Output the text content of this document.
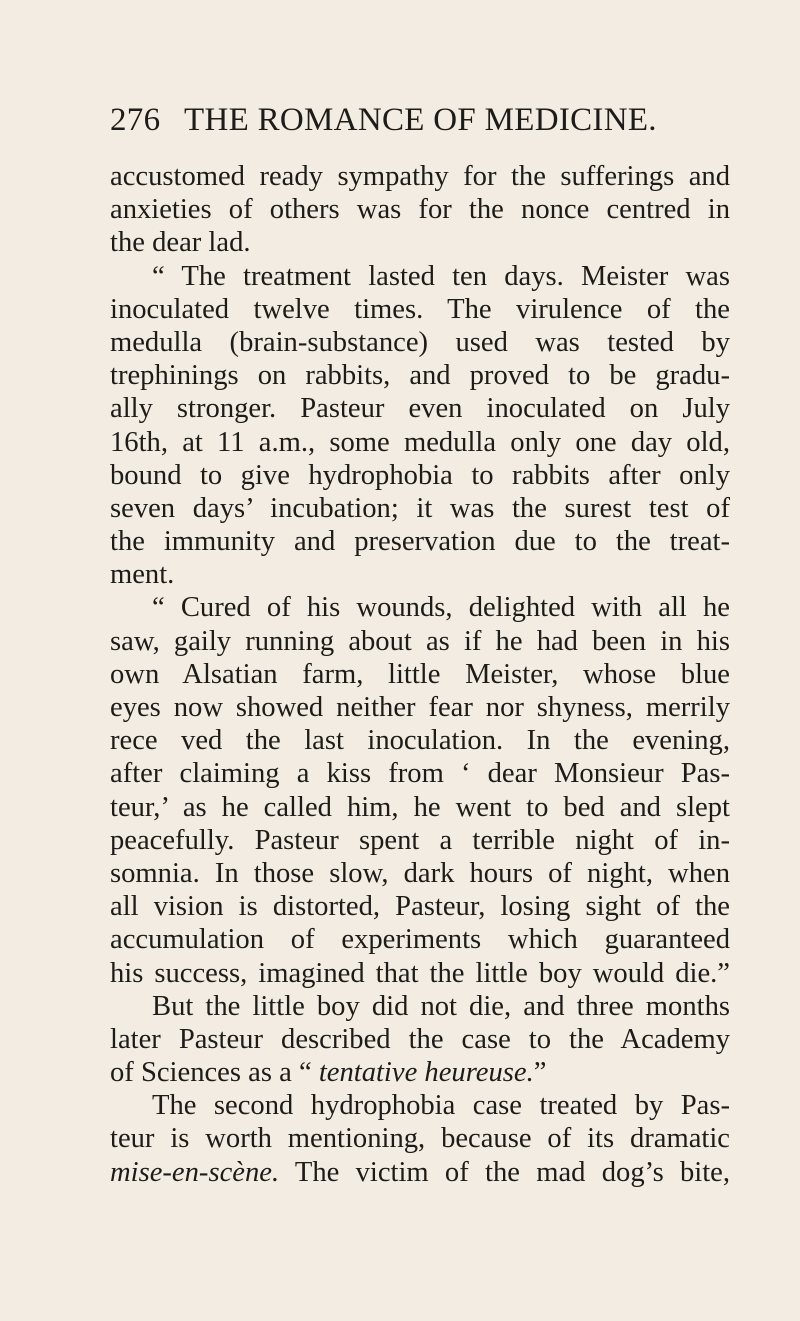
276 THE ROMANCE OF MEDICINE.
accustomed ready sympathy for the sufferings and
anxieties of others was for the nonce centred in
the dear lad.
“ The treatment lasted ten days. Meister was
inoculated twelve times. The virulence of the
medulla (brain-substance) used was tested by
trephinings on rabbits, and proved to be gradu-
ally stronger. Pasteur even inoculated on July
16th, at 11 a.m., some medulla only one day old,
bound to give hydrophobia to rabbits after only
seven days’ incubation; it was the surest test of
the immunity and preservation due to the treat-
ment.
“ Cured of his wounds, delighted with all he
saw, gaily running about as if he had been in his
own Alsatian farm, little Meister, whose blue
eyes now showed neither fear nor shyness, merrily
rece ved the last inoculation. In the evening,
after claiming a kiss from ‘ dear Monsieur Pas-
teur,’ as he called him, he went to bed and slept
peacefully. Pasteur spent a terrible night of in-
somnia. In those slow, dark hours of night, when
all vision is distorted, Pasteur, losing sight of the
accumulation of experiments which guaranteed
his success, imagined that the little boy would die.”
But the little boy did not die, and three months
later Pasteur described the case to the Academy
of Sciences as a “ tentative heureuse.”
The second hydrophobia case treated by Pas-
teur is worth mentioning, because of its dramatic
mise-en-scène. The victim of the mad dog’s bite,
